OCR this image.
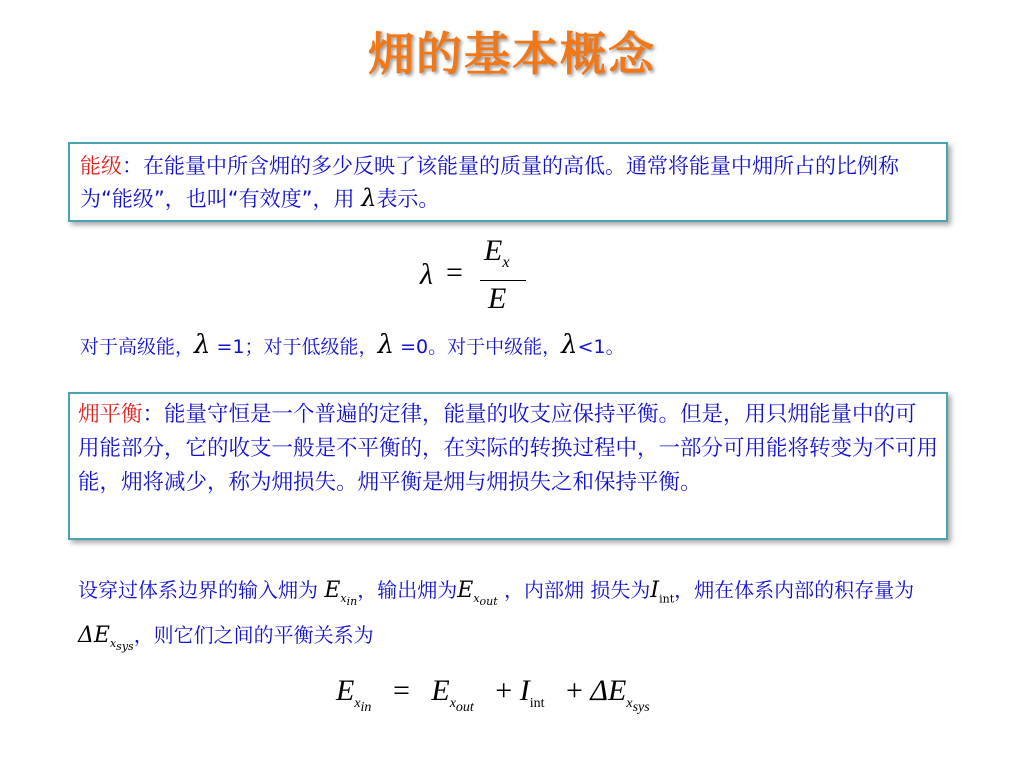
㶲的基本概念
能级：在能量中所含㶲的多少反映了该能量的质量的高低。通常将能量中㶲所占的比例称为“能级”，也叫“有效度”，用 λ表示。
λ =
$E_x$
E
对于高级能，λ =1；对于低级能，λ =0。对于中级能，λ<1。
㶲平衡：能量守恒是一个普遍的定律，能量的收支应保持平衡。但是，用只㶲能量中的可用能部分，它的收支一般是不平衡的，在实际的转换过程中，一部分可用能将转变为不可用能，㶲将减少，称为㶲损失。㶲平衡是㶲与㶲损失之和保持平衡。
设穿过体系边界的输入㶲为 $E_{x_{in}}$，输出㶲为$E_{x_{out}}$ ，内部㶲 损失为$I_{int}$，㶲在体系内部的积存量为$\Delta E_{x_{sys}}$，则它们之间的平衡关系为
$E_{x_{in}} = E_{x_{out}} + I_{int} + \Delta E_{x_{sys}}$
